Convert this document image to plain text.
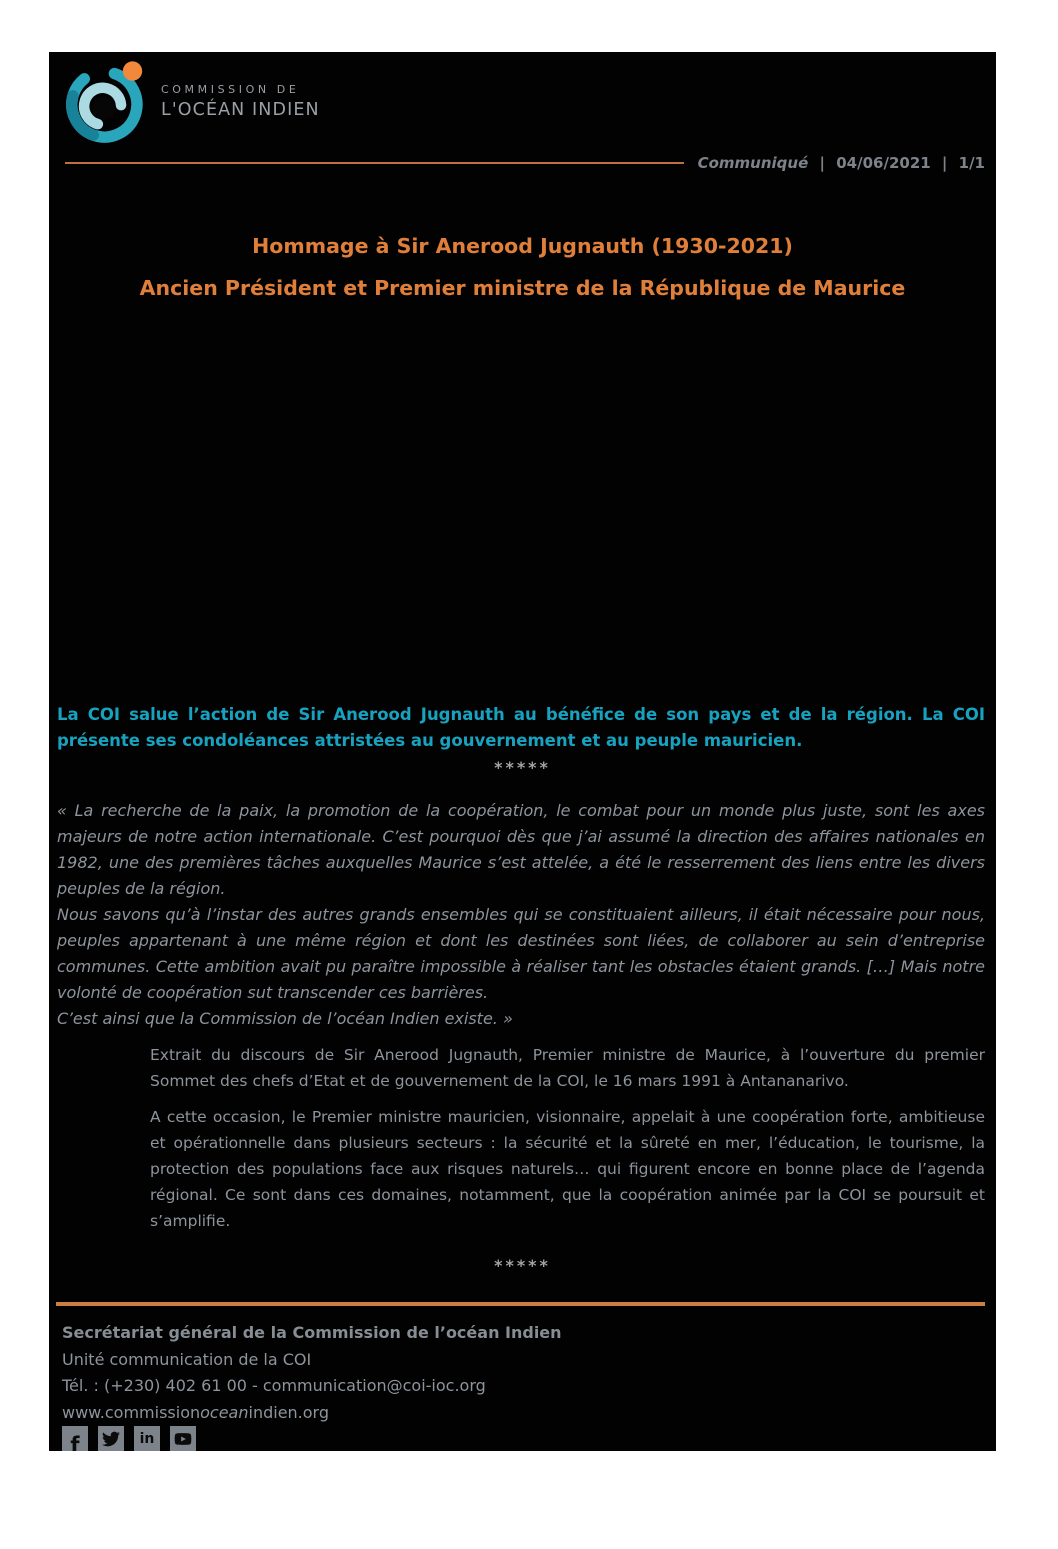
COMMISSION DE
L'OCÉAN INDIEN
Communiqué | 04/06/2021 | 1/1
Hommage à Sir Anerood Jugnauth (1930-2021)
Ancien Président et Premier ministre de la République de Maurice
La COI salue l’action de Sir Anerood Jugnauth au bénéfice de son pays et de la région. La COI présente ses condoléances attristées au gouvernement et au peuple mauricien.
*****

« La recherche de la paix, la promotion de la coopération, le combat pour un monde plus juste, sont les axes majeurs de notre action internationale. C’est pourquoi dès que j’ai assumé la direction des affaires nationales en 1982, une des premières tâches auxquelles Maurice s’est attelée, a été le resserrement des liens entre les divers peuples de la région.

Nous savons qu’à l’instar des autres grands ensembles qui se constituaient ailleurs, il était nécessaire pour nous, peuples appartenant à une même région et dont les destinées sont liées, de collaborer au sein d’entreprise communes. Cette ambition avait pu paraître impossible à réaliser tant les obstacles étaient grands. […] Mais notre volonté de coopération sut transcender ces barrières.

C’est ainsi que la Commission de l’océan Indien existe. »

Extrait du discours de Sir Anerood Jugnauth, Premier ministre de Maurice, à l’ouverture du premier Sommet des chefs d’Etat et de gouvernement de la COI, le 16 mars 1991 à Antananarivo.
A cette occasion, le Premier ministre mauricien, visionnaire, appelait à une coopération forte, ambitieuse et opérationnelle dans plusieurs secteurs : la sécurité et la sûreté en mer, l’éducation, le tourisme, la protection des populations face aux risques naturels… qui figurent encore en bonne place de l’agenda régional. Ce sont dans ces domaines, notamment, que la coopération animée par la COI se poursuit et s’amplifie.
*****
Secrétariat général de la Commission de l’océan Indien
Unité communication de la COI
Tél. : (+230) 402 61 00 - communication@coi-ioc.org
www.commissionoceanindien.org
f	in
